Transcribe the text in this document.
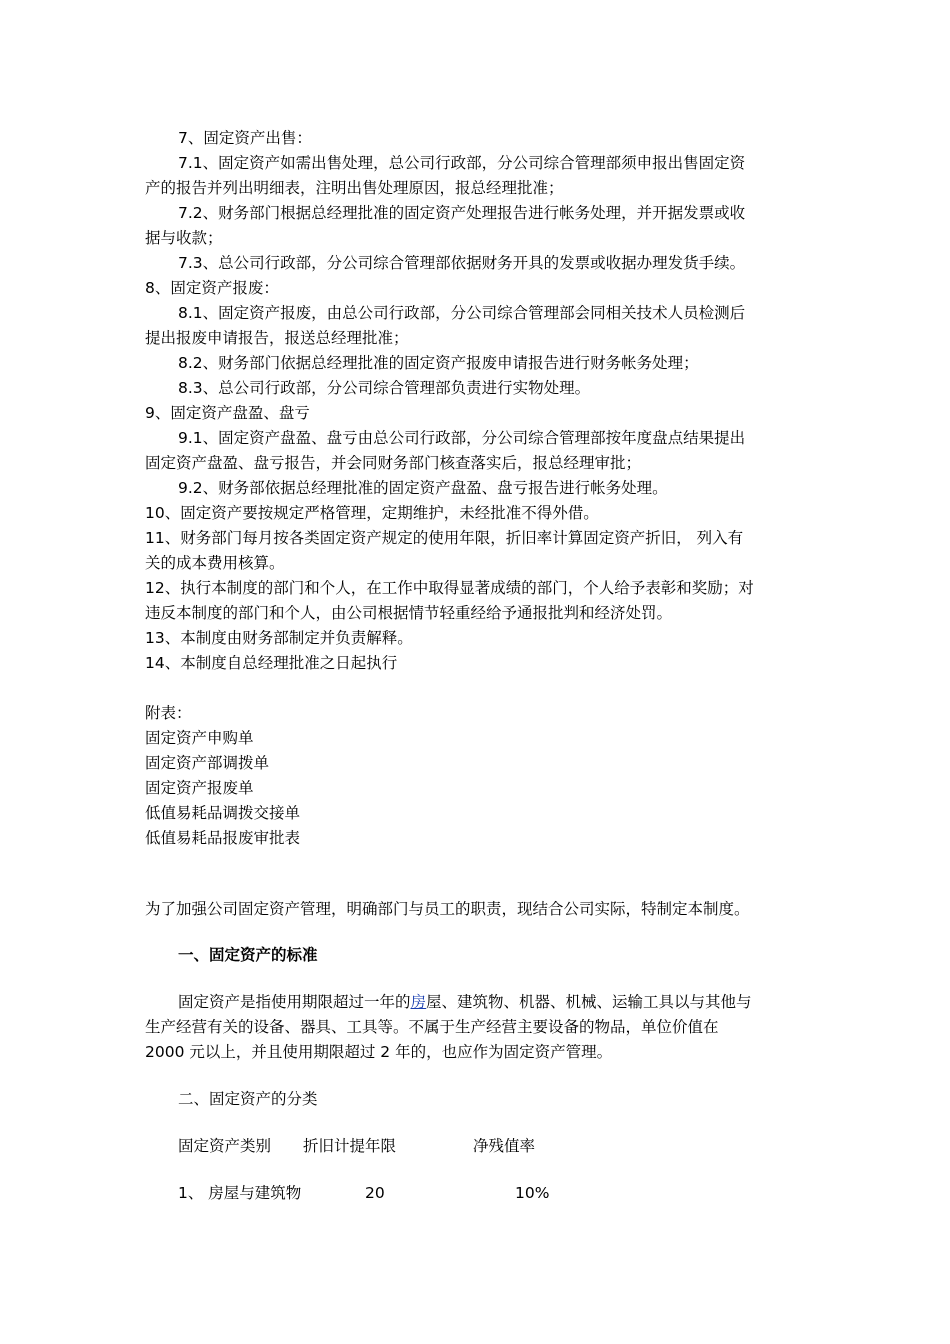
7、固定资产出售：
7.1、固定资产如需出售处理，总公司行政部，分公司综合管理部须申报出售固定资
产的报告并列出明细表，注明出售处理原因，报总经理批准；
7.2、财务部门根据总经理批准的固定资产处理报告进行帐务处理，并开据发票或收
据与收款；
7.3、总公司行政部，分公司综合管理部依据财务开具的发票或收据办理发货手续。
8、固定资产报废：
8.1、固定资产报废，由总公司行政部，分公司综合管理部会同相关技术人员检测后
提出报废申请报告，报送总经理批准；
8.2、财务部门依据总经理批准的固定资产报废申请报告进行财务帐务处理；
8.3、总公司行政部，分公司综合管理部负责进行实物处理。
9、固定资产盘盈、盘亏
9.1、固定资产盘盈、盘亏由总公司行政部，分公司综合管理部按年度盘点结果提出
固定资产盘盈、盘亏报告，并会同财务部门核查落实后，报总经理审批；
9.2、财务部依据总经理批准的固定资产盘盈、盘亏报告进行帐务处理。
10、固定资产要按规定严格管理，定期维护，未经批准不得外借。
11、财务部门每月按各类固定资产规定的使用年限，折旧率计算固定资产折旧， 列入有
关的成本费用核算。
12、执行本制度的部门和个人，在工作中取得显著成绩的部门，个人给予表彰和奖励；对
违反本制度的部门和个人，由公司根据情节轻重经给予通报批判和经济处罚。
13、本制度由财务部制定并负责解释。
14、本制度自总经理批准之日起执行
附表：
固定资产申购单
固定资产部调拨单
固定资产报废单
低值易耗品调拨交接单
低值易耗品报废审批表
为了加强公司固定资产管理，明确部门与员工的职责，现结合公司实际，特制定本制度。
一、固定资产的标准
生产经营有关的设备、器具、工具等。不属于生产经营主要设备的物品，单位价值在
2000 元以上，并且使用期限超过 2 年的，也应作为固定资产管理。
二、固定资产的分类
固定资产是指使用期限超过一年的房屋、建筑物、机器、机械、运输工具以与其他与
固定资产类别 折旧计提年限	净残值率
1、 房屋与建筑物	20	10%
